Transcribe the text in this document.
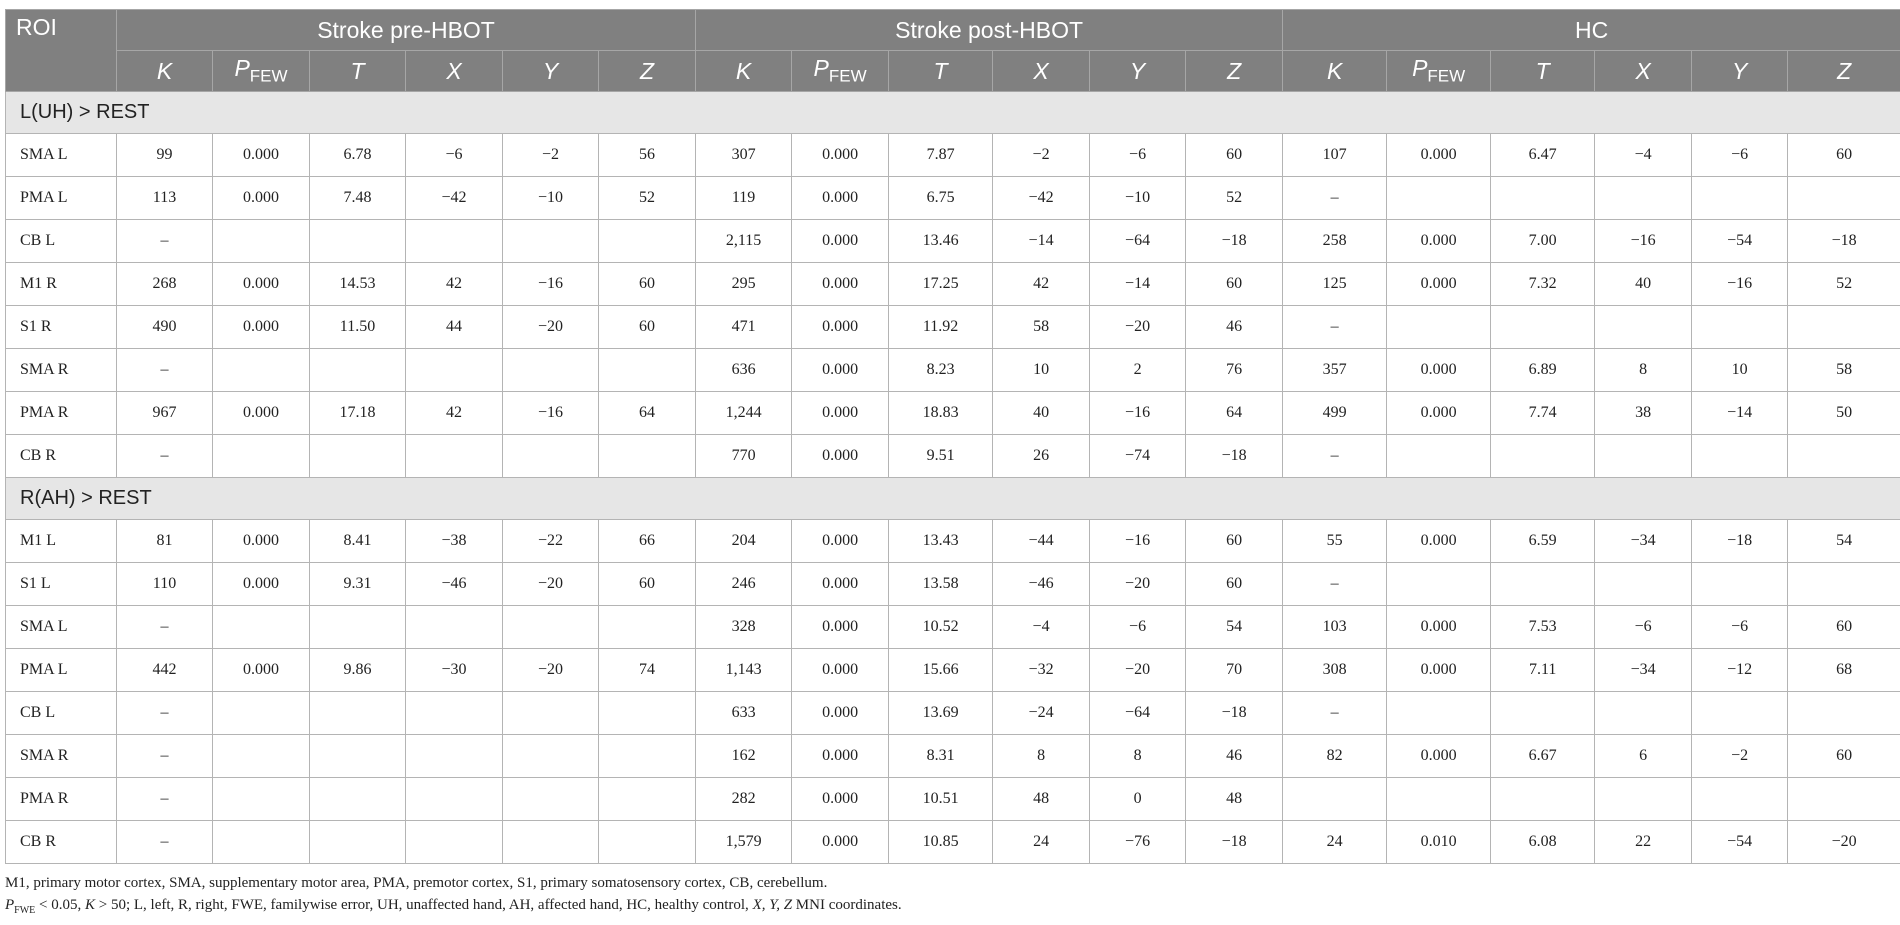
ROI	Stroke pre-HBOT						Stroke post-HBOT						HC					
	K	$P_{FEW}$	T	X	Y	Z	K	$P_{FEW}$	T	X	Y	Z	K	$P_{FEW}$	T	X	Y	Z
L(UH) > REST																		
SMA L	99	0.000	6.78	−6	−2	56	307	0.000	7.87	−2	−6	60	107	0.000	6.47	−4	−6	60
PMA L	113	0.000	7.48	−42	−10	52	119	0.000	6.75	−42	−10	52	–					
CB L	–						2,115	0.000	13.46	−14	−64	−18	258	0.000	7.00	−16	−54	−18
M1 R	268	0.000	14.53	42	−16	60	295	0.000	17.25	42	−14	60	125	0.000	7.32	40	−16	52
S1 R	490	0.000	11.50	44	−20	60	471	0.000	11.92	58	−20	46	–					
SMA R	–						636	0.000	8.23	10	2	76	357	0.000	6.89	8	10	58
PMA R	967	0.000	17.18	42	−16	64	1,244	0.000	18.83	40	−16	64	499	0.000	7.74	38	−14	50
CB R	–						770	0.000	9.51	26	−74	−18	–					
R(AH) > REST																		
M1 L	81	0.000	8.41	−38	−22	66	204	0.000	13.43	−44	−16	60	55	0.000	6.59	−34	−18	54
S1 L	110	0.000	9.31	−46	−20	60	246	0.000	13.58	−46	−20	60	–					
SMA L	–						328	0.000	10.52	−4	−6	54	103	0.000	7.53	−6	−6	60
PMA L	442	0.000	9.86	−30	−20	74	1,143	0.000	15.66	−32	−20	70	308	0.000	7.11	−34	−12	68
CB L	–						633	0.000	13.69	−24	−64	−18	–					
SMA R	–						162	0.000	8.31	8	8	46	82	0.000	6.67	6	−2	60
PMA R	–						282	0.000	10.51	48	0	48						
CB R	–						1,579	0.000	10.85	24	−76	−18	24	0.010	6.08	22	−54	−20
M1, primary motor cortex, SMA, supplementary motor area, PMA, premotor cortex, S1, primary somatosensory cortex, CB, cerebellum.
$P_{FWE} < 0.05$, K > 50; L, left, R, right, FWE, familywise error, UH, unaffected hand, AH, affected hand, HC, healthy control, X, Y, Z MNI coordinates.
